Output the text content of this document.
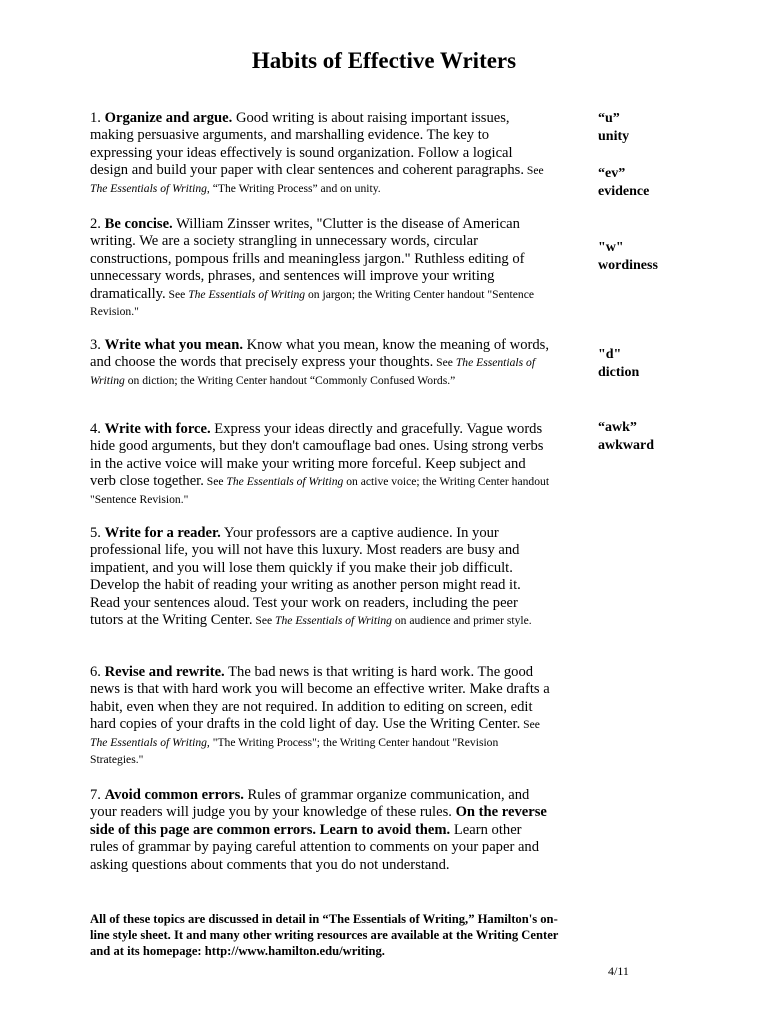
Habits of Effective Writers

1. Organize and argue. Good writing is about raising important issues, making persuasive arguments, and marshalling evidence. The key to expressing your ideas effectively is sound organization. Follow a logical design and build your paper with clear sentences and coherent paragraphs. See The Essentials of Writing, “The Writing Process” and on unity.

2. Be concise. William Zinsser writes, "Clutter is the disease of American writing. We are a society strangling in unnecessary words, circular constructions, pompous frills and meaningless jargon." Ruthless editing of unnecessary words, phrases, and sentences will improve your writing dramatically. See The Essentials of Writing on jargon; the Writing Center handout "Sentence Revision."

3. Write what you mean. Know what you mean, know the meaning of words, and choose the words that precisely express your thoughts. See The Essentials of Writing on diction; the Writing Center handout “Commonly Confused Words.”

4. Write with force. Express your ideas directly and gracefully. Vague words hide good arguments, but they don't camouflage bad ones. Using strong verbs in the active voice will make your writing more forceful. Keep subject and verb close together. See The Essentials of Writing on active voice; the Writing Center handout "Sentence Revision."

5. Write for a reader. Your professors are a captive audience. In your professional life, you will not have this luxury. Most readers are busy and impatient, and you will lose them quickly if you make their job difficult. Develop the habit of reading your writing as another person might read it. Read your sentences aloud. Test your work on readers, including the peer tutors at the Writing Center. See The Essentials of Writing on audience and primer style.

6. Revise and rewrite. The bad news is that writing is hard work. The good news is that with hard work you will become an effective writer. Make drafts a habit, even when they are not required. In addition to editing on screen, edit hard copies of your drafts in the cold light of day. Use the Writing Center. See The Essentials of Writing, "The Writing Process"; the Writing Center handout "Revision Strategies."

7. Avoid common errors. Rules of grammar organize communication, and your readers will judge you by your knowledge of these rules. On the reverse side of this page are common errors. Learn to avoid them. Learn other rules of grammar by paying careful attention to comments on your paper and asking questions about comments that you do not understand.

“u”
unity

“ev”
evidence

"w"
wordiness

"d"
diction

“awk”
awkward

All of these topics are discussed in detail in “The Essentials of Writing,” Hamilton's on-line style sheet. It and many other writing resources are available at the Writing Center and at its homepage: http://www.hamilton.edu/writing.

4/11
